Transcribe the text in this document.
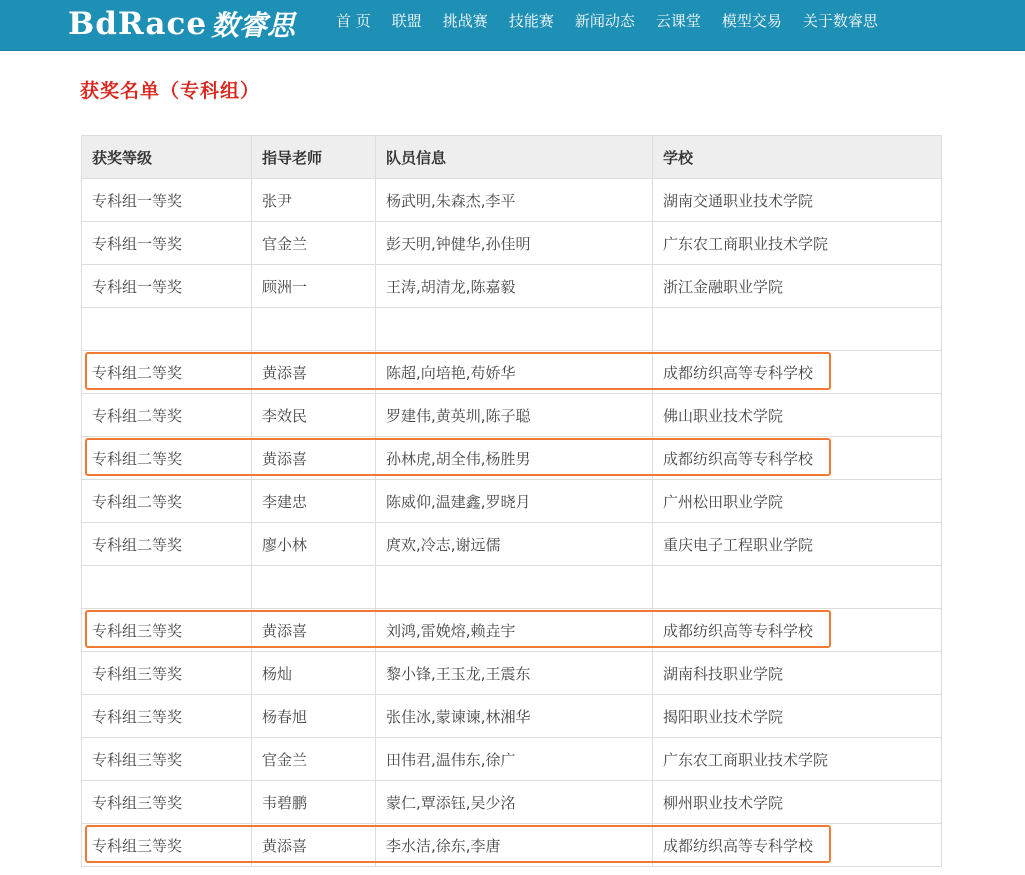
BdRace 数睿思	首 页 联盟 挑战赛 技能赛 新闻动态 云课堂 模型交易 关于数睿思
获奖名单（专科组）
获奖等级	指导老师	队员信息	学校
专科组一等奖	张尹	杨武明,朱森杰,李平	湖南交通职业技术学院
专科组一等奖	官金兰	彭天明,钟健华,孙佳明	广东农工商职业技术学院
专科组一等奖	顾洲一	王涛,胡清龙,陈嘉毅	浙江金融职业学院

专科组二等奖	黄添喜	陈超,向培艳,苟娇华	成都纺织高等专科学校
专科组二等奖	李效民	罗建伟,黄英圳,陈子聪	佛山职业技术学院
专科组二等奖	黄添喜	孙林虎,胡全伟,杨胜男	成都纺织高等专科学校
专科组二等奖	李建忠	陈威仰,温建鑫,罗晓月	广州松田职业学院
专科组二等奖	廖小林	庹欢,冷志,谢远儒	重庆电子工程职业学院

专科组三等奖	黄添喜	刘鸿,雷娩熔,赖垚宇	成都纺织高等专科学校
专科组三等奖	杨灿	黎小锋,王玉龙,王震东	湖南科技职业学院
专科组三等奖	杨春旭	张佳冰,蒙谏谏,林湘华	揭阳职业技术学院
专科组三等奖	官金兰	田伟君,温伟东,徐广	广东农工商职业技术学院
专科组三等奖	韦碧鹏	蒙仁,覃添钰,吴少洺	柳州职业技术学院
专科组三等奖	黄添喜	李水洁,徐东,李唐	成都纺织高等专科学校
